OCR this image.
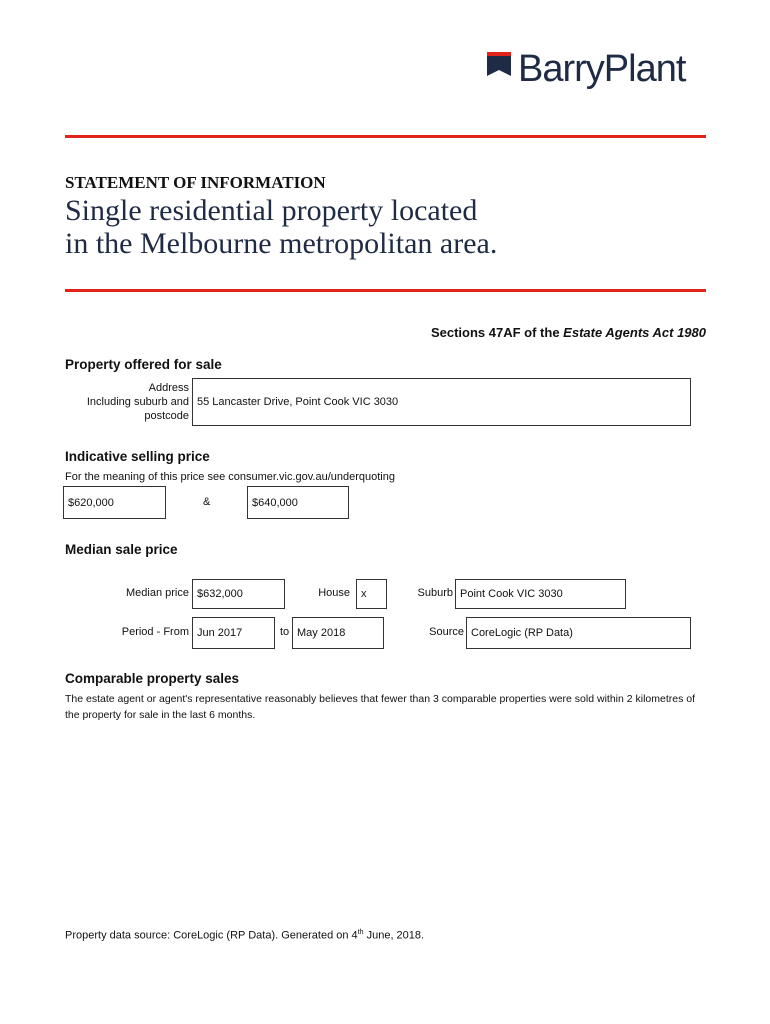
BarryPlant
STATEMENT OF INFORMATION
Single residential property located
in the Melbourne metropolitan area.
Sections 47AF of the Estate Agents Act 1980
Property offered for sale
Address
Including suburb and
postcode
55 Lancaster Drive, Point Cook VIC 3030
Indicative selling price
For the meaning of this price see consumer.vic.gov.au/underquoting
$620,000	&	$640,000
Median sale price
Median price $632,000	House	x	Suburb Point Cook VIC 3030
Period - From Jun 2017	to May 2018	Source CoreLogic (RP Data)
Comparable property sales
The estate agent or agent's representative reasonably believes that fewer than 3 comparable properties were sold within 2 kilometres of the property for sale in the last 6 months.
Property data source: CoreLogic (RP Data). Generated on 4th June, 2018.
